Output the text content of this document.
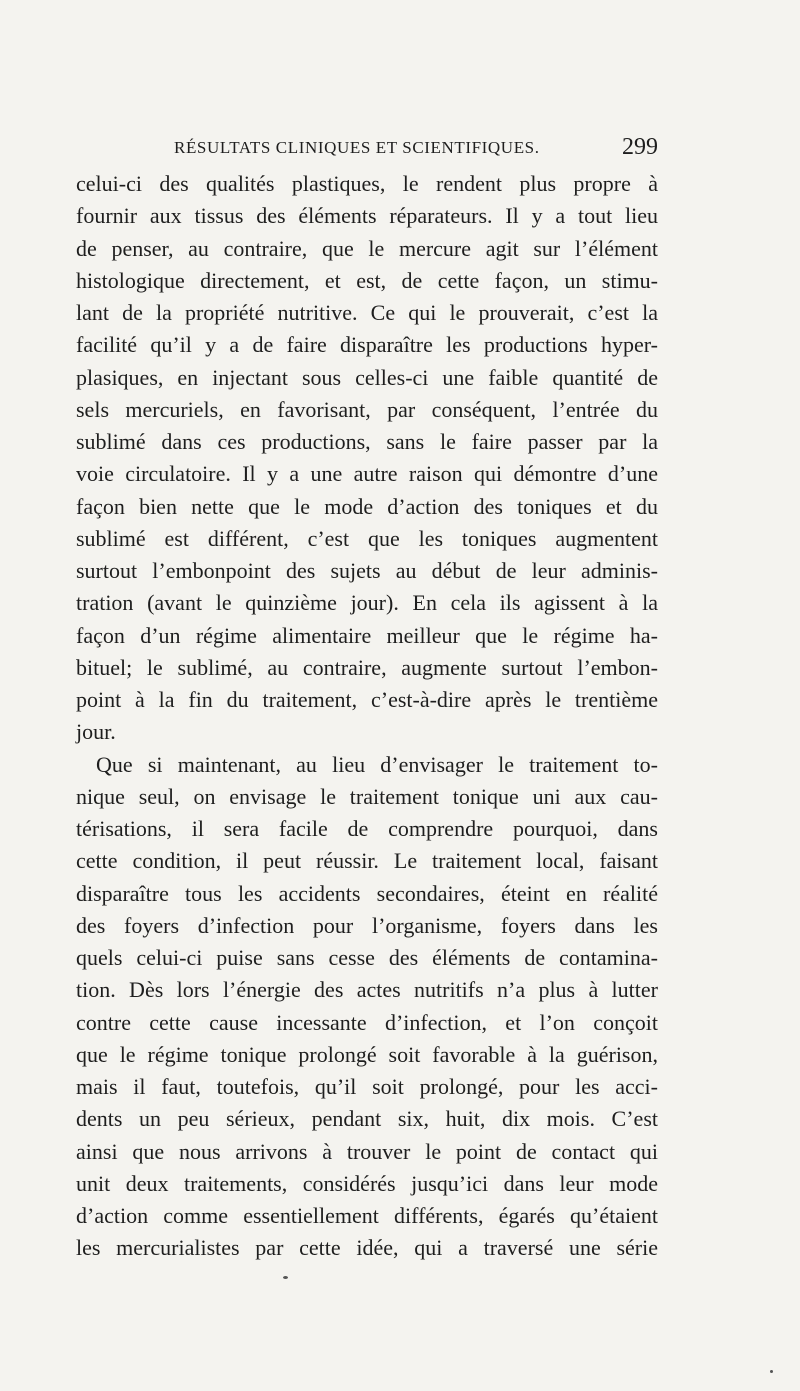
RÉSULTATS CLINIQUES ET SCIENTIFIQUES.	299
celui-ci des qualités plastiques, le rendent plus propre à
fournir aux tissus des éléments réparateurs. Il y a tout lieu
de penser, au contraire, que le mercure agit sur l’élément
histologique directement, et est, de cette façon, un stimu-
lant de la propriété nutritive. Ce qui le prouverait, c’est la
facilité qu’il y a de faire disparaître les productions hyper-
plasiques, en injectant sous celles-ci une faible quantité de
sels mercuriels, en favorisant, par conséquent, l’entrée du
sublimé dans ces productions, sans le faire passer par la
voie circulatoire. Il y a une autre raison qui démontre d’une
façon bien nette que le mode d’action des toniques et du
sublimé est différent, c’est que les toniques augmentent
surtout l’embonpoint des sujets au début de leur adminis-
tration (avant le quinzième jour). En cela ils agissent à la
façon d’un régime alimentaire meilleur que le régime ha-
bituel; le sublimé, au contraire, augmente surtout l’embon-
point à la fin du traitement, c’est-à-dire après le trentième
jour.
Que si maintenant, au lieu d’envisager le traitement to-
nique seul, on envisage le traitement tonique uni aux cau-
térisations, il sera facile de comprendre pourquoi, dans
cette condition, il peut réussir. Le traitement local, faisant
disparaître tous les accidents secondaires, éteint en réalité
des foyers d’infection pour l’organisme, foyers dans les
quels celui-ci puise sans cesse des éléments de contamina-
tion. Dès lors l’énergie des actes nutritifs n’a plus à lutter
contre cette cause incessante d’infection, et l’on conçoit
que le régime tonique prolongé soit favorable à la guérison,
mais il faut, toutefois, qu’il soit prolongé, pour les acci-
dents un peu sérieux, pendant six, huit, dix mois. C’est
ainsi que nous arrivons à trouver le point de contact qui
unit deux traitements, considérés jusqu’ici dans leur mode
d’action comme essentiellement différents, égarés qu’étaient
les mercurialistes par cette idée, qui a traversé une série
